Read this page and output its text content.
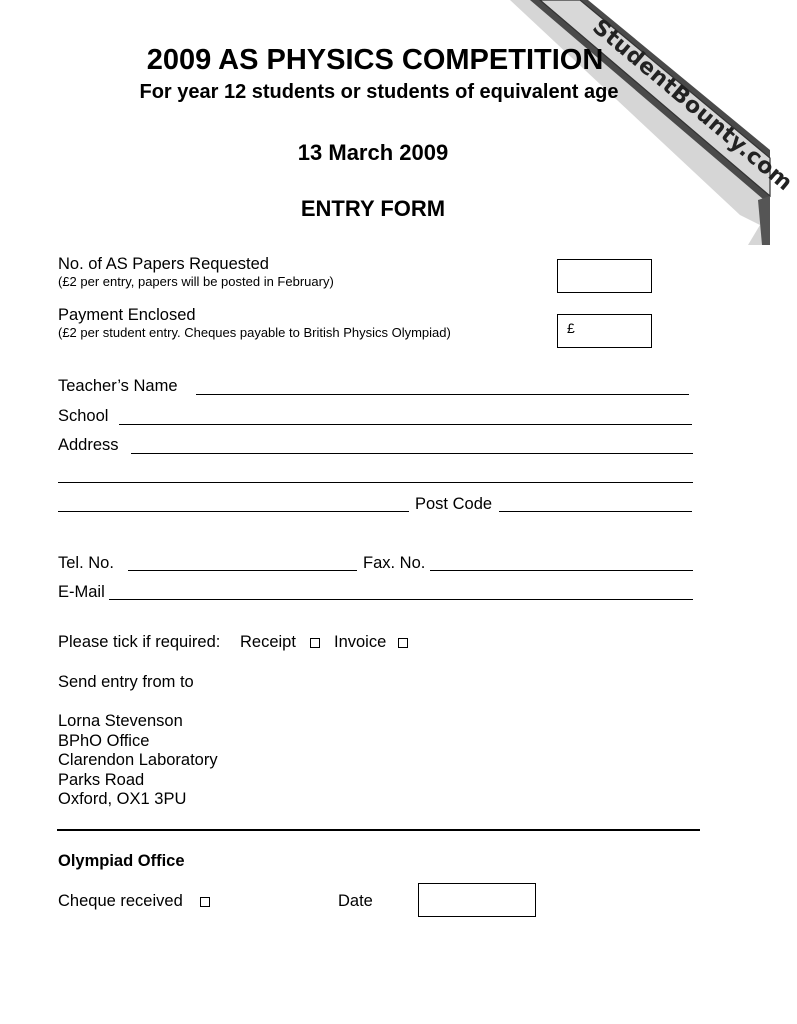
StudentBounty.com
2009 AS PHYSICS COMPETITION
For year 12 students or students of equivalent age
13 March 2009
ENTRY FORM
No. of AS Papers Requested
(£2 per entry, papers will be posted in February)
Payment Enclosed
(£2 per student entry. Cheques payable to British Physics Olympiad)	£
Teacher’s Name
School
Address
Post Code
Tel. No.	Fax. No.
E-Mail
Please tick if required: Receipt Invoice
Send entry from to
Lorna Stevenson
BPhO Office
Clarendon Laboratory
Parks Road
Oxford, OX1 3PU
Olympiad Office
Cheque received	Date
